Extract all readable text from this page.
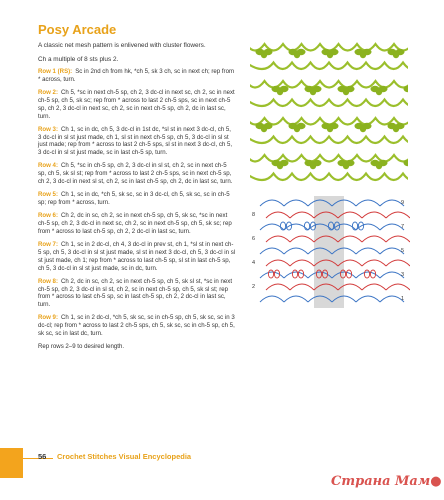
Posy Arcade

A classic net mesh pattern is enlivened with cluster flowers.

Ch a multiple of 8 sts plus 2.

Row 1 (RS): Sc in 2nd ch from hk, *ch 5, sk 3 ch, sc in next ch; rep from * across, turn.

Row 2: Ch 5, *sc in next ch-5 sp, ch 2, 3 dc-cl in next sc, ch 2, sc in next ch-5 sp, ch 5, sk sc; rep from * across to last 2 ch-5 sps, sc in next ch-5 sp, ch 2, 3 dc-cl in next sc, ch 2, sc in next ch-5 sp, ch 2, dc in last sc, turn.

Row 3: Ch 1, sc in dc, ch 5, 3 dc-cl in 1st dc, *sl st in next 3 dc-cl, ch 5, 3 dc-cl in sl st just made, ch 1, sl st in next ch-5 sp, ch 5, 3 dc-cl in sl st just made; rep from * across to last 2 ch-5 sps, sl st in next 3 dc-cl, ch 5, 3 dc-cl in sl st just made, sc in last ch-5 sp, turn.

Row 4: Ch 5, *sc in ch-5 sp, ch 2, 3 dc-cl in sl st, ch 2, sc in next ch-5 sp, ch 5, sk sl st; rep from * across to last 2 ch-5 sps, sc in next ch-5 sp, ch 2, 3 dc-cl in next sl st, ch 2, sc in last ch-5 sp, ch 2, dc in last sc, turn.

Row 5: Ch 1, sc in dc, *ch 5, sk sc, sc in 3 dc-cl, ch 5, sk sc, sc in ch-5 sp; rep from * across, turn.

Row 6: Ch 2, dc in sc, ch 2, sc in next ch-5 sp, ch 5, sk sc, *sc in next ch-5 sp, ch 2, 3 dc-cl in next sc, ch 2, sc in next ch-5 sp, ch 5, sk sc; rep from * across to last ch-5 sp, ch 2, 2 dc-cl in last sc, turn.

Row 7: Ch 1, sc in 2 dc-cl, ch 4, 3 dc-cl in prev st, ch 1, *sl st in next ch-5 sp, ch 5, 3 dc-cl in sl st just made, sl st in next 3 dc-cl, ch 5, 3 dc-cl in sl st just made, ch 1; rep from * across to last ch-5 sp, sl st in last ch-5 sp, ch 5, 3 dc-cl in sl st just made, sc in dc, turn.

Row 8: Ch 2, dc in sc, ch 2, sc in next ch-5 sp, ch 5, sk sl st, *sc in next ch-5 sp, ch 2, 3 dc-cl in sl st, ch 2, sc in next ch-5 sp, ch 5, sk sl st; rep from * across to last ch-5 sp, sc in last ch-5 sp, ch 2, 2 dc-cl in last sc, turn.

Row 9: Ch 1, sc in 2 dc-cl, *ch 5, sk sc, sc in ch-5 sp, ch 5, sk sc, sc in 3 dc-cl; rep from * across to last 2 ch-5 sps, ch 5, sk sc, sc in ch-5 sp, ch 5, sk sc, sc in last dc, turn.

Rep rows 2–9 to desired length.

9
7
5
3
1
8
6
4
2
56 Crochet Stitches Visual Encyclopedia
Страна Мам●
